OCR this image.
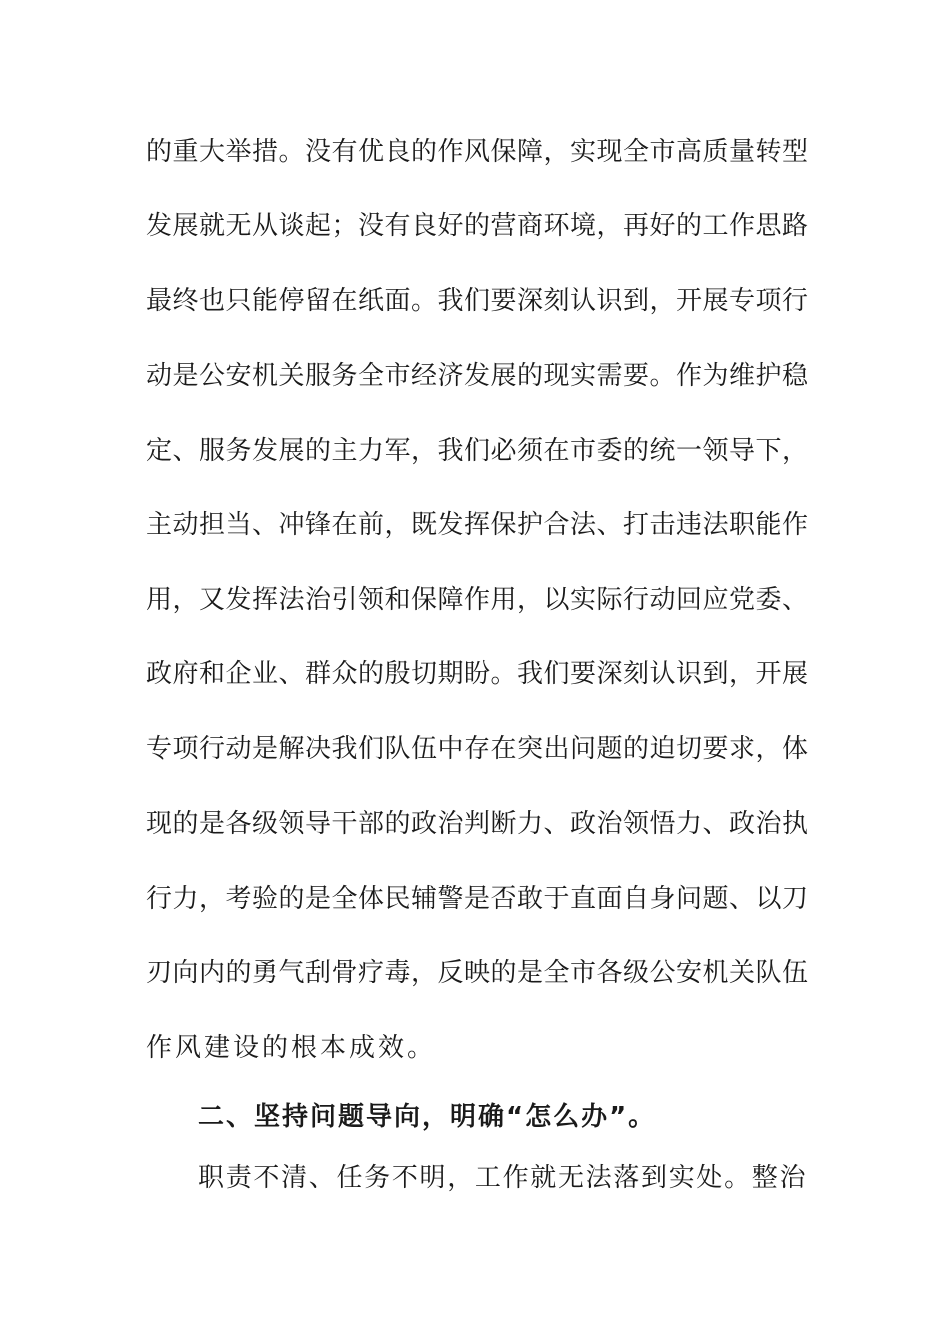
的重大举措。没有优良的作风保障，实现全市高质量转型
发展就无从谈起；没有良好的营商环境，再好的工作思路
最终也只能停留在纸面。我们要深刻认识到，开展专项行
动是公安机关服务全市经济发展的现实需要。作为维护稳
定、服务发展的主力军，我们必须在市委的统一领导下，
主动担当、冲锋在前，既发挥保护合法、打击违法职能作
用，又发挥法治引领和保障作用，以实际行动回应党委、
政府和企业、群众的殷切期盼。我们要深刻认识到，开展
专项行动是解决我们队伍中存在突出问题的迫切要求，体
现的是各级领导干部的政治判断力、政治领悟力、政治执
行力，考验的是全体民辅警是否敢于直面自身问题、以刀
刃向内的勇气刮骨疗毒，反映的是全市各级公安机关队伍
作风建设的根本成效。
二、坚持问题导向，明确“怎么办”。
职责不清、任务不明，工作就无法落到实处。整治
